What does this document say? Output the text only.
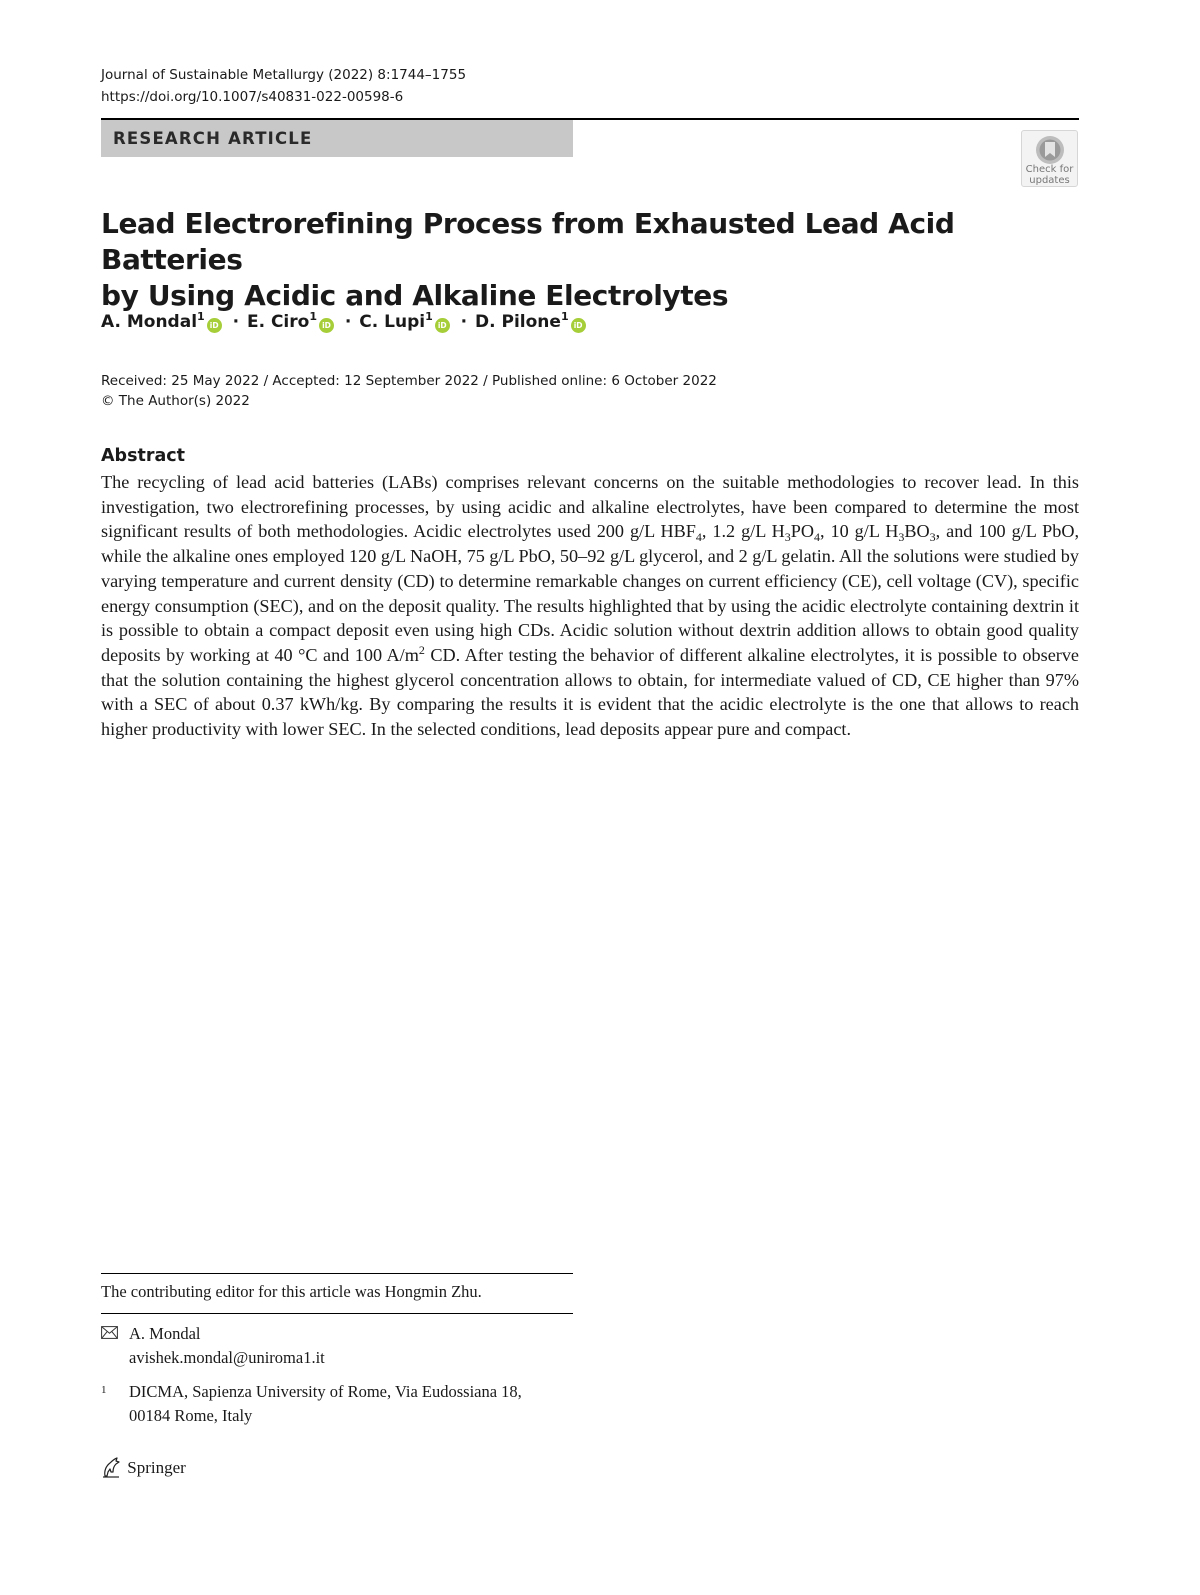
Journal of Sustainable Metallurgy (2022) 8:1744–1755
https://doi.org/10.1007/s40831-022-00598-6
RESEARCH ARTICLE
Check for
updates
Lead Electrorefining Process from Exhausted Lead Acid Batteries
by Using Acidic and Alkaline Electrolytes
A. Mondal$^1$iD · E. Ciro$^1$iD · C. Lupi$^1$iD · D. Pilone$^1$iD
Received: 25 May 2022 / Accepted: 12 September 2022 / Published online: 6 October 2022
© The Author(s) 2022
Abstract

The recycling of lead acid batteries (LABs) comprises relevant concerns on the suitable methodologies to recover lead. In this investigation, two electrorefining processes, by using acidic and alkaline electrolytes, have been compared to determine the most significant results of both methodologies. Acidic electrolytes used 200 g/L $HBF_4$, 1.2 g/L $H_3PO_4$, 10 g/L $H_3BO_3$, and 100 g/L PbO, while the alkaline ones employed 120 g/L NaOH, 75 g/L PbO, 50–92 g/L glycerol, and 2 g/L gelatin. All the solutions were studied by varying temperature and current density (CD) to determine remarkable changes on current efficiency (CE), cell voltage (CV), specific energy consumption (SEC), and on the deposit quality. The results highlighted that by using the acidic electrolyte containing dextrin it is possible to obtain a compact deposit even using high CDs. Acidic solution without dextrin addition allows to obtain good quality deposits by working at 40 °C and 100 $A/m^2$ CD. After testing the behavior of different alkaline electrolytes, it is possible to observe that the solution containing the highest glycerol concentration allows to obtain, for intermediate valued of CD, CE higher than 97% with a SEC of about 0.37 kWh/kg. By comparing the results it is evident that the acidic electrolyte is the one that allows to reach higher productivity with lower SEC. In the selected conditions, lead deposits appear pure and compact.

The contributing editor for this article was Hongmin Zhu.
A. Mondal
avishek.mondal@uniroma1.it
1 DICMA, Sapienza University of Rome, Via Eudossiana 18,
00184 Rome, Italy
Springer
